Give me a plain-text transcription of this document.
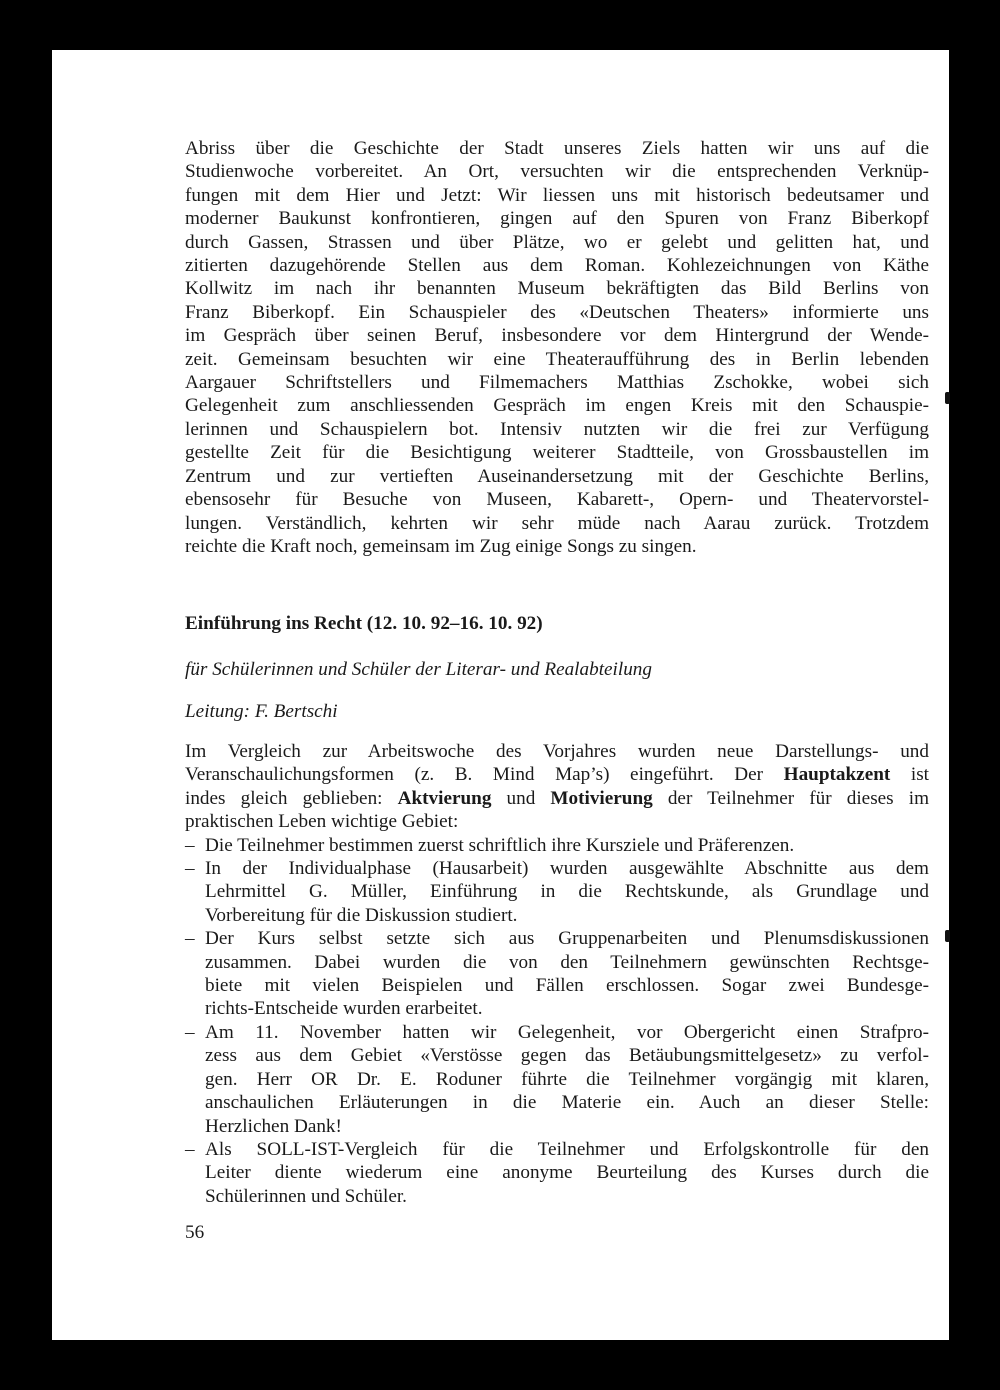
Abriss über die Geschichte der Stadt unseres Ziels hatten wir uns auf die
Studienwoche vorbereitet. An Ort, versuchten wir die entsprechenden Verknüp-
fungen mit dem Hier und Jetzt: Wir liessen uns mit historisch bedeutsamer und
moderner Baukunst konfrontieren, gingen auf den Spuren von Franz Biberkopf
durch Gassen, Strassen und über Plätze, wo er gelebt und gelitten hat, und
zitierten dazugehörende Stellen aus dem Roman. Kohlezeichnungen von Käthe
Kollwitz im nach ihr benannten Museum bekräftigten das Bild Berlins von
Franz Biberkopf. Ein Schauspieler des «Deutschen Theaters» informierte uns
im Gespräch über seinen Beruf, insbesondere vor dem Hintergrund der Wende-
zeit. Gemeinsam besuchten wir eine Theateraufführung des in Berlin lebenden
Aargauer Schriftstellers und Filmemachers Matthias Zschokke, wobei sich
Gelegenheit zum anschliessenden Gespräch im engen Kreis mit den Schauspie-
lerinnen und Schauspielern bot. Intensiv nutzten wir die frei zur Verfügung
gestellte Zeit für die Besichtigung weiterer Stadtteile, von Grossbaustellen im
Zentrum und zur vertieften Auseinandersetzung mit der Geschichte Berlins,
ebensosehr für Besuche von Museen, Kabarett-, Opern- und Theatervorstel-
lungen. Verständlich, kehrten wir sehr müde nach Aarau zurück. Trotzdem
reichte die Kraft noch, gemeinsam im Zug einige Songs zu singen.

Einführung ins Recht (12. 10. 92–16. 10. 92)

für Schülerinnen und Schüler der Literar- und Realabteilung

Leitung: F. Bertschi

Im Vergleich zur Arbeitswoche des Vorjahres wurden neue Darstellungs- und
Veranschaulichungsformen (z. B. Mind Map’s) eingeführt. Der Hauptakzent ist
indes gleich geblieben: Aktvierung und Motivierung der Teilnehmer für dieses im
praktischen Leben wichtige Gebiet:
– Die Teilnehmer bestimmen zuerst schriftlich ihre Kursziele und Präferenzen.
– In der Individualphase (Hausarbeit) wurden ausgewählte Abschnitte aus dem
Lehrmittel G. Müller, Einführung in die Rechtskunde, als Grundlage und
Vorbereitung für die Diskussion studiert.
– Der Kurs selbst setzte sich aus Gruppenarbeiten und Plenumsdiskussionen
zusammen. Dabei wurden die von den Teilnehmern gewünschten Rechtsge-
biete mit vielen Beispielen und Fällen erschlossen. Sogar zwei Bundesge-
richts-Entscheide wurden erarbeitet.
– Am 11. November hatten wir Gelegenheit, vor Obergericht einen Strafpro-
zess aus dem Gebiet «Verstösse gegen das Betäubungsmittelgesetz» zu verfol-
gen. Herr OR Dr. E. Roduner führte die Teilnehmer vorgängig mit klaren,
anschaulichen Erläuterungen in die Materie ein. Auch an dieser Stelle:
Herzlichen Dank!
– Als SOLL-IST-Vergleich für die Teilnehmer und Erfolgskontrolle für den
Leiter diente wiederum eine anonyme Beurteilung des Kurses durch die
Schülerinnen und Schüler.

56
